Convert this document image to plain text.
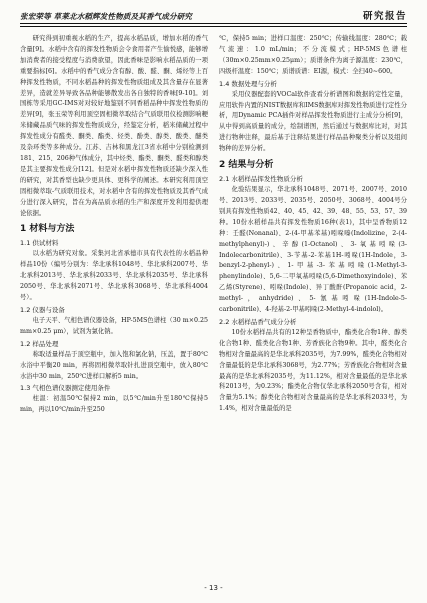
张宏荣等 草莱北水稻辉发性物质及其香气成分研究	研究报告

研究得到初重视水稻的生产，提高水稻品质，增加水稻的香气含量[9]。水稻中含有的挥发性物质会令食用者产生愉悦感，能够增加消费者的接受程度与消费欲望，因此香味是影响水稻品质的一项重要指标[6]。水稻中的香气成分含有醇、酸、醛、酮、烯烃等上百种挥发性物质，不同水稻品种的挥发性物质组成及其含量存在显著差异，造就差异导致各品种能够散发出各自独特的香味[9-10]。刘国栋等采用GC-IMS对对较好地鉴别不同香稻品种中挥发性物质的差异[9]，张玉荣等利用顶空固相微萃取结合气质联用仪检测影响粳米储藏品质气味的挥发性物质成分，经鉴定分析，稻米储藏过程中挥发性成分有醛类、酮类、酯类、烃类、酚类、醇类、酸类、醚类及杂环类等多种成分。江苏、吉林和黑龙江3省水稻中分别检测到181、215、206种气体成分，其中烃类、酯类、酮类、醛类和醇类是其主要挥发性成分[12]。但是对水稻中挥发性物质还缺少深入性的研究，对其香型也缺少更具体、更科学的阐述。本研究利用顶空固相微萃取-气质联用技术，对水稻中含有的挥发性物质及其香气成分进行深入研究，旨在为高品质水稻的生产和深度开发利用提供理论依据。

1 材料与方法
1.1 供试材料

以水稻为研究对象。采集河北省承德市具有代表性的水稻品种样品10份（编号分别为：华北承科1048号、华北承科2007号、华北承科2013号、华北承科2033号、华北承科2035号、华北承科2050号、华北承科2071号、华北承科3068号、华北承科4004号）。

1.2 仪器与设备

电子天平、气相色谱仪器设备，HP-5MS色谱柱（30 m×0.25 mm×0.25 μm），试剂为氯化钠。

1.2 样品处理

称取适量样品于顶空瓶中，加入饱和氯化钠，压盖，置于80℃水浴中平衡20 min，再将固相微萃取针扎进顶空瓶中，放入80℃水浴中30 min，250℃进样口解析5 min。

1.3 气相色谱仪器测定使用条件

柱温：初温50℃保持2 min，以5℃/min升至180℃保持5 min，再以10℃/min升至250

℃，保持5 min；进样口温度：250℃；传输线温度：280℃；载气流速：1.0 mL/min；不分流模式；HP-5MS色谱柱（30m×0.25mm×0.25μm）；质谱条件为离子源温度：230℃，四级杆温度：150℃；质谱质谱：EI源，模式：全扫40~600。

1.4 数据处理与分析

采用仪器配套的VOCal软件查看分析谱图和数据的定性定量，应用软件内置的NIST数据库和IMS数据库对挥发性物质进行定性分析，用Dynamic PCA插件对样品挥发性物质进行主成分分析[9]，从中得到高质量的成分，绘制谱图，然后通过与数据库比对，对其进行物种注释，最后基于注释结果进行样品品种聚类分析以及组间物种的差异分析。

2 结果与分析
2.1 水稻样品挥发性物质分析

化验结果显示，华北承科1048号、2071号、2007号、2010号、2013号、2033号、2035号、2050号、3068号、4004号分别具有挥发性物质42、40、45、42、39、48、55、53、57、39种。10份水稻样品共有挥发性物质16种(表1)，其中呈香物质12种：壬醛(Nonanal)、2-(4-甲基苯基)吲哚嗪(Indolizine，2-(4-methylphenyl)-)、辛醇(1-Octanol)、3-氧基吲哚(3-Indolecarbonitrile)、3-苄基-2-苯基1H-吲哚(1H-Indole，3-benzyl-2-phenyl-)、1-甲基-3-苯基吲哚(1-Methyl-3-phenylindole)、5,6-二甲氧基吲哚(5,6-Dimethoxyindole)、苯乙烯(Styrene)、吲哚(Indole)、异丁酸酐(Propanoic acid，2-methyl-，anhydride)、5-氰基吲哚(1H-Indole-5-carbonitrile)、4-羟基-2-甲基吲哚(2-Methyl-4-indolol)。

2.2 水稻样品香气成分分析

10份水稻样品共有的12种呈香物质中，酯类化合物1种、醇类化合物1种、醛类化合物1种、芳香族化合物9种。其中，醛类化合物相对含量最高的是华北承科2035号，为7.99%，醛类化合物相对含量最低的是华北承科3068号，为2.77%；芳香族化合物相对含量最高的是华北承科2035号，为11.12%，相对含量最低的是华北承科2013号，为0.23%；酯类化合物仅华北承科2050号含有，相对含量为5.1%；醇类化合物相对含量最高的是华北承科2033号，为1.4%，相对含量最低的是

- 13 -
